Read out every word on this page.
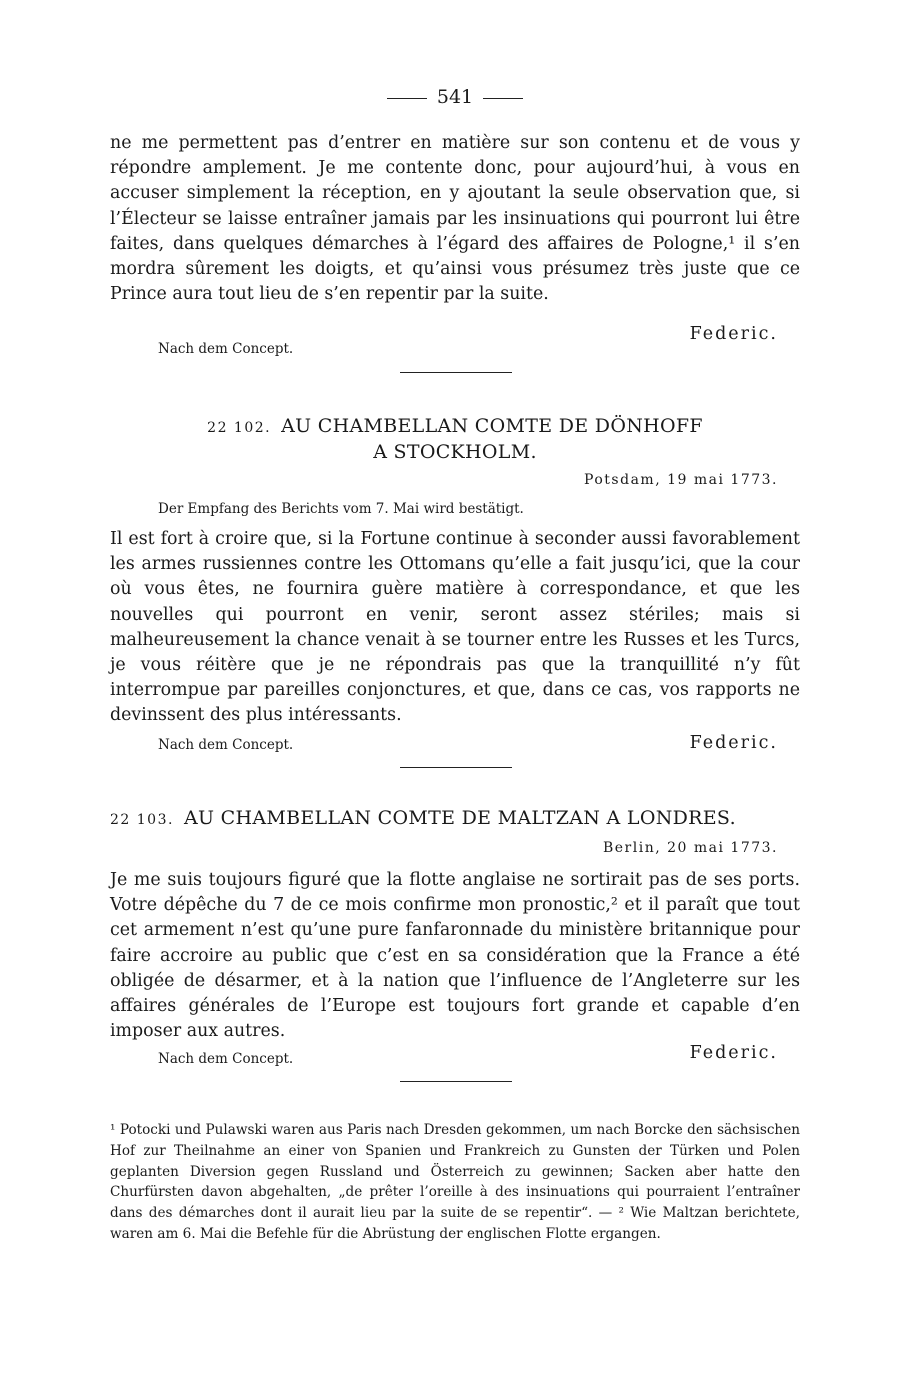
541

ne me permettent pas d’entrer en matière sur son contenu et de vous y répondre amplement. Je me contente donc, pour aujourd’hui, à vous en accuser simplement la réception, en y ajoutant la seule observation que, si l’Électeur se laisse entraîner jamais par les insinuations qui pourront lui être faites, dans quelques démarches à l’égard des affaires de Pologne,¹ il s’en mordra sûrement les doigts, et qu’ainsi vous présumez très juste que ce Prince aura tout lieu de s’en repentir par la suite.

Federic.
Nach dem Concept.
22 102. AU CHAMBELLAN COMTE DE DÖNHOFF
A STOCKHOLM.
Potsdam, 19 mai 1773.
Der Empfang des Berichts vom 7. Mai wird bestätigt.

Il est fort à croire que, si la Fortune continue à seconder aussi favorablement les armes russiennes contre les Ottomans qu’elle a fait jusqu’ici, que la cour où vous êtes, ne fournira guère matière à correspondance, et que les nouvelles qui pourront en venir, seront assez stériles; mais si malheureusement la chance venait à se tourner entre les Russes et les Turcs, je vous réitère que je ne répondrais pas que la tranquillité n’y fût interrompue par pareilles conjonctures, et que, dans ce cas, vos rapports ne devinssent des plus intéressants.

Nach dem Concept.	Federic.
22 103. AU CHAMBELLAN COMTE DE MALTZAN A LONDRES.
Berlin, 20 mai 1773.

Je me suis toujours figuré que la flotte anglaise ne sortirait pas de ses ports. Votre dépêche du 7 de ce mois confirme mon pronostic,² et il paraît que tout cet armement n’est qu’une pure fanfaronnade du ministère britannique pour faire accroire au public que c’est en sa considération que la France a été obligée de désarmer, et à la nation que l’influence de l’Angleterre sur les affaires générales de l’Europe est toujours fort grande et capable d’en imposer aux autres.

Nach dem Concept.	Federic.

¹ Potocki und Pulawski waren aus Paris nach Dresden gekommen, um nach Borcke den sächsischen Hof zur Theilnahme an einer von Spanien und Frankreich zu Gunsten der Türken und Polen geplanten Diversion gegen Russland und Österreich zu gewinnen; Sacken aber hatte den Churfürsten davon abgehalten, „de prêter l’oreille à des insinuations qui pourraient l’entraîner dans des démarches dont il aurait lieu par la suite de se repentir“. — ² Wie Maltzan berichtete, waren am 6. Mai die Befehle für die Abrüstung der englischen Flotte ergangen.
